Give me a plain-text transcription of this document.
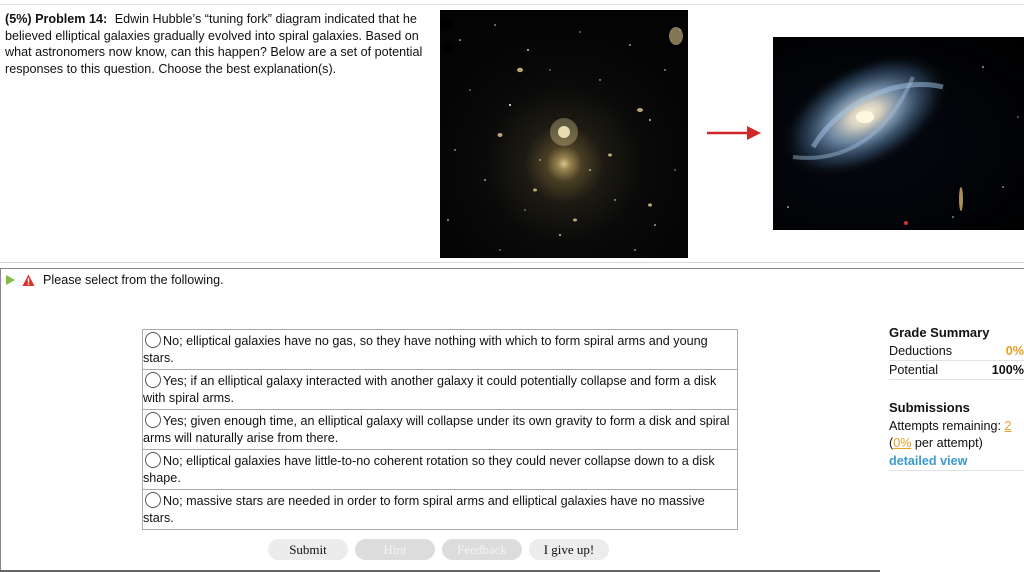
(5%) Problem 14: Edwin Hubble’s “tuning fork” diagram indicated that he believed elliptical galaxies gradually evolved into spiral galaxies. Based on what astronomers now know, can this happen? Below are a set of potential responses to this question. Choose the best explanation(s).
Please select from the following.
No; elliptical galaxies have no gas, so they have nothing with which to form spiral arms and young stars.
Yes; if an elliptical galaxy interacted with another galaxy it could potentially collapse and form a disk with spiral arms.
Yes; given enough time, an elliptical galaxy will collapse under its own gravity to form a disk and spiral arms will naturally arise from there.
No; elliptical galaxies have little-to-no coherent rotation so they could never collapse down to a disk shape.
No; massive stars are needed in order to form spiral arms and elliptical galaxies have no massive stars.
Submit	Hint	Feedback	I give up!
Grade Summary
Deductions	0%
Potential	100%
Submissions
Attempts remaining: 2
(0% per attempt)
detailed view
